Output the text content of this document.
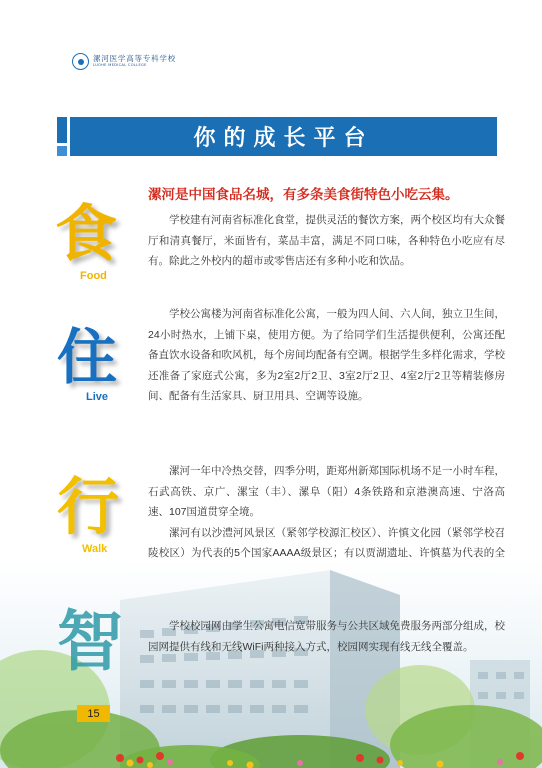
漯河医学高等专科学校
LUOHE MEDICAL COLLEGE
你的成长平台
漯河是中国食品名城，有多条美食街特色小吃云集。
食
Food

学校建有河南省标准化食堂，提供灵活的餐饮方案，两个校区均有大众餐厅和清真餐厅，米面皆有，菜品丰富，满足不同口味，各种特色小吃应有尽有。除此之外校内的超市或零售店还有多种小吃和饮品。

住
Live

学校公寓楼为河南省标准化公寓，一般为四人间、六人间，独立卫生间，24小时热水，上铺下桌，使用方便。为了给同学们生活提供便利，公寓还配备直饮水设备和吹风机，每个房间均配备有空调。根据学生多样化需求，学校还准备了家庭式公寓，多为2室2厅2卫、3室2厅2卫、4室2厅2卫等精装修房间、配备有生活家具、厨卫用具、空调等设施。

行
Walk

漯河一年中冷热交替，四季分明，距郑州新郑国际机场不足一小时车程，石武高铁、京广、漯宝（丰）、漯阜（阳）4条铁路和京港澳高速、宁洛高速、107国道贯穿全境。

漯河有以沙澧河风景区（紧邻学校源汇校区）、许慎文化园（紧邻学校召陵校区）为代表的5个国家AAAA级景区；有以贾湖遗址、许慎墓为代表的全

智	学校校园网由学生公寓电信宽带服务与公共区域免费服务两部分组成，校园网提供有线和无线WiFi两种接入方式，校园网实现有线无线全覆盖。

15
